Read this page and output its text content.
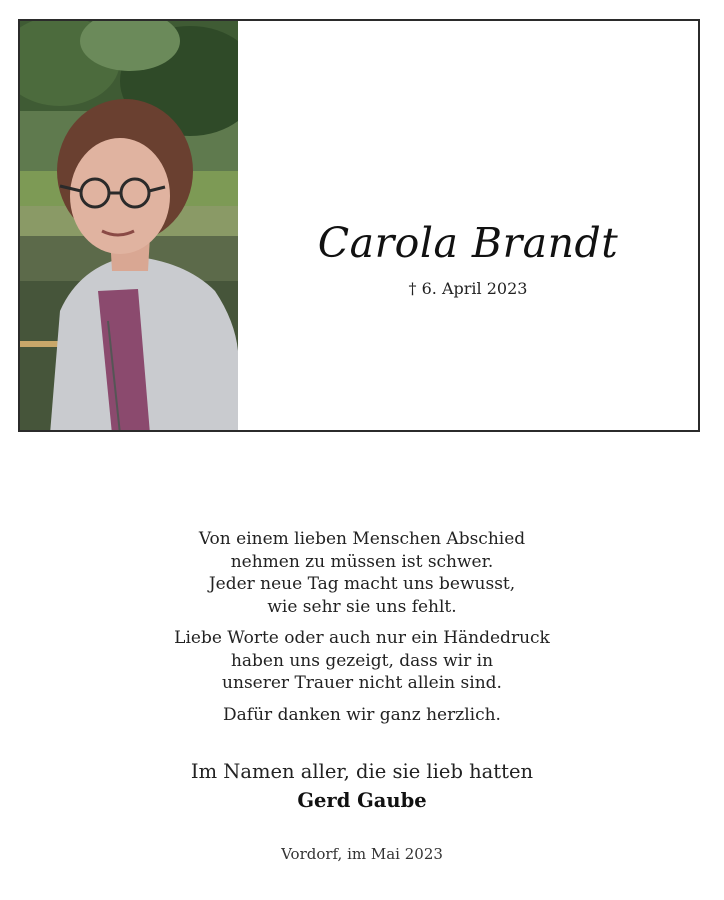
Carola Brandt
† 6. April 2023
Von einem lieben Menschen Abschied
nehmen zu müssen ist schwer.
Jeder neue Tag macht uns bewusst,
wie sehr sie uns fehlt.
Liebe Worte oder auch nur ein Händedruck
haben uns gezeigt, dass wir in
unserer Trauer nicht allein sind.
Dafür danken wir ganz herzlich.
Im Namen aller, die sie lieb hatten
Gerd Gaube
Vordorf, im Mai 2023
